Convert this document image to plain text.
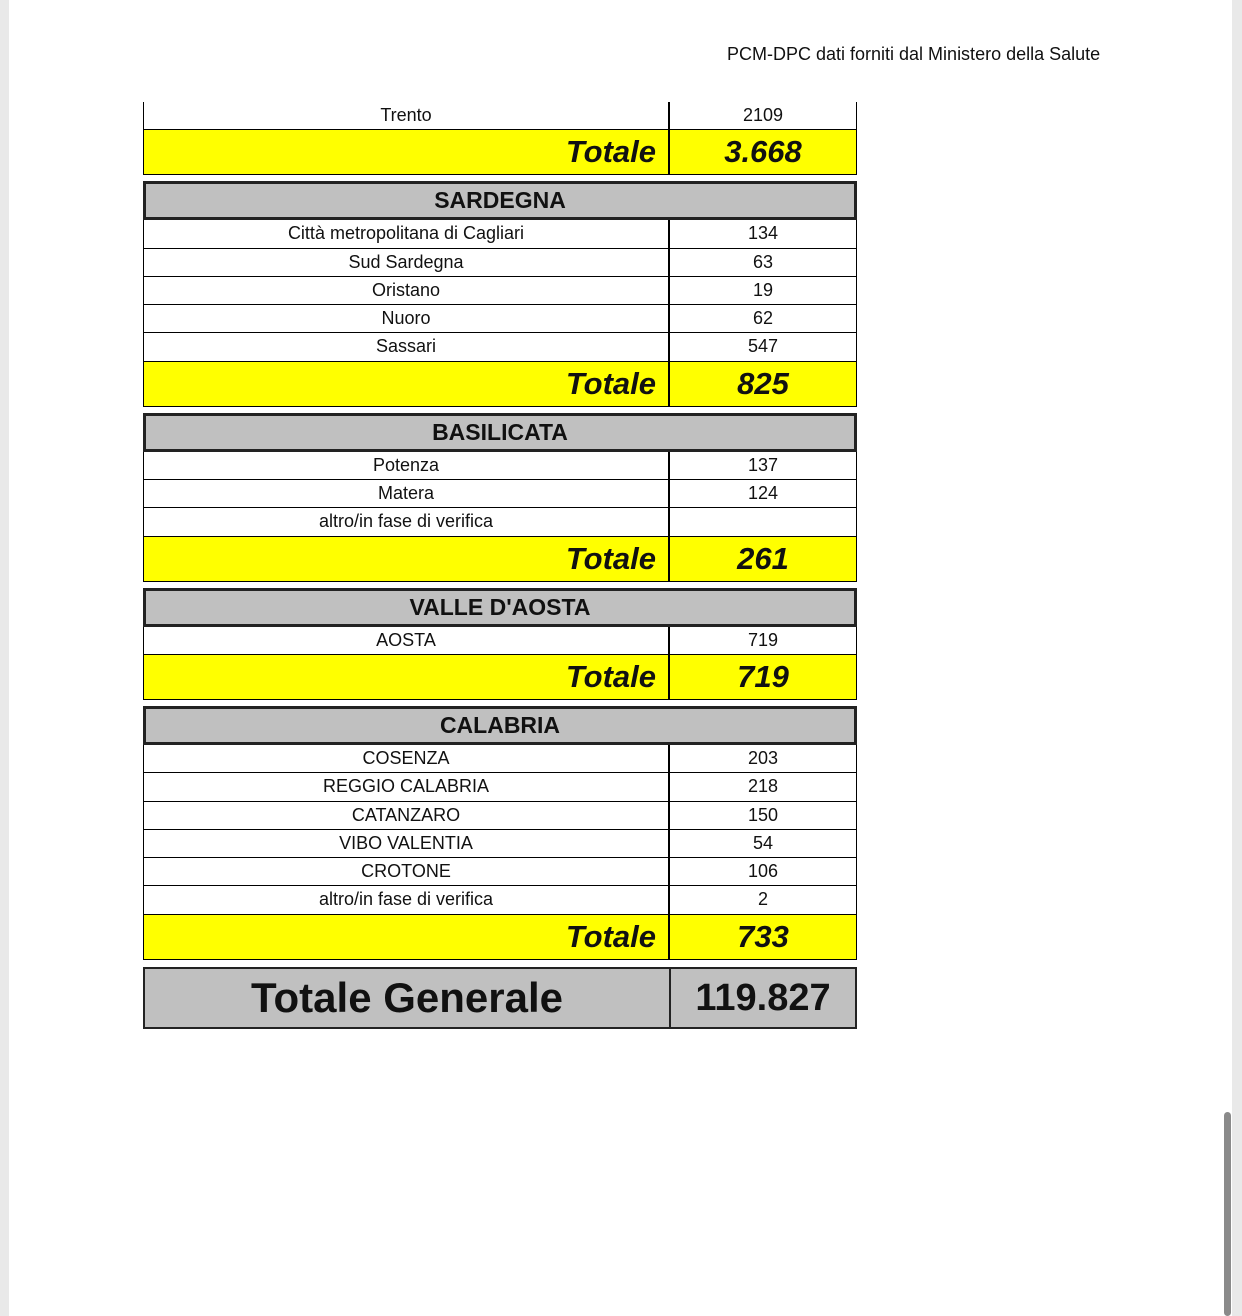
PCM-DPC dati forniti dal Ministero della Salute
Trento	2109
Totale	3.668
SARDEGNA
Città metropolitana di Cagliari	134
Sud Sardegna	63
Oristano	19
Nuoro	62
Sassari	547
Totale	825
BASILICATA
Potenza	137
Matera	124
altro/in fase di verifica
Totale	261
VALLE D'AOSTA
AOSTA	719
Totale	719
CALABRIA
COSENZA	203
REGGIO CALABRIA	218
CATANZARO	150
VIBO VALENTIA	54
CROTONE	106
altro/in fase di verifica	2
Totale	733
Totale Generale	119.827
